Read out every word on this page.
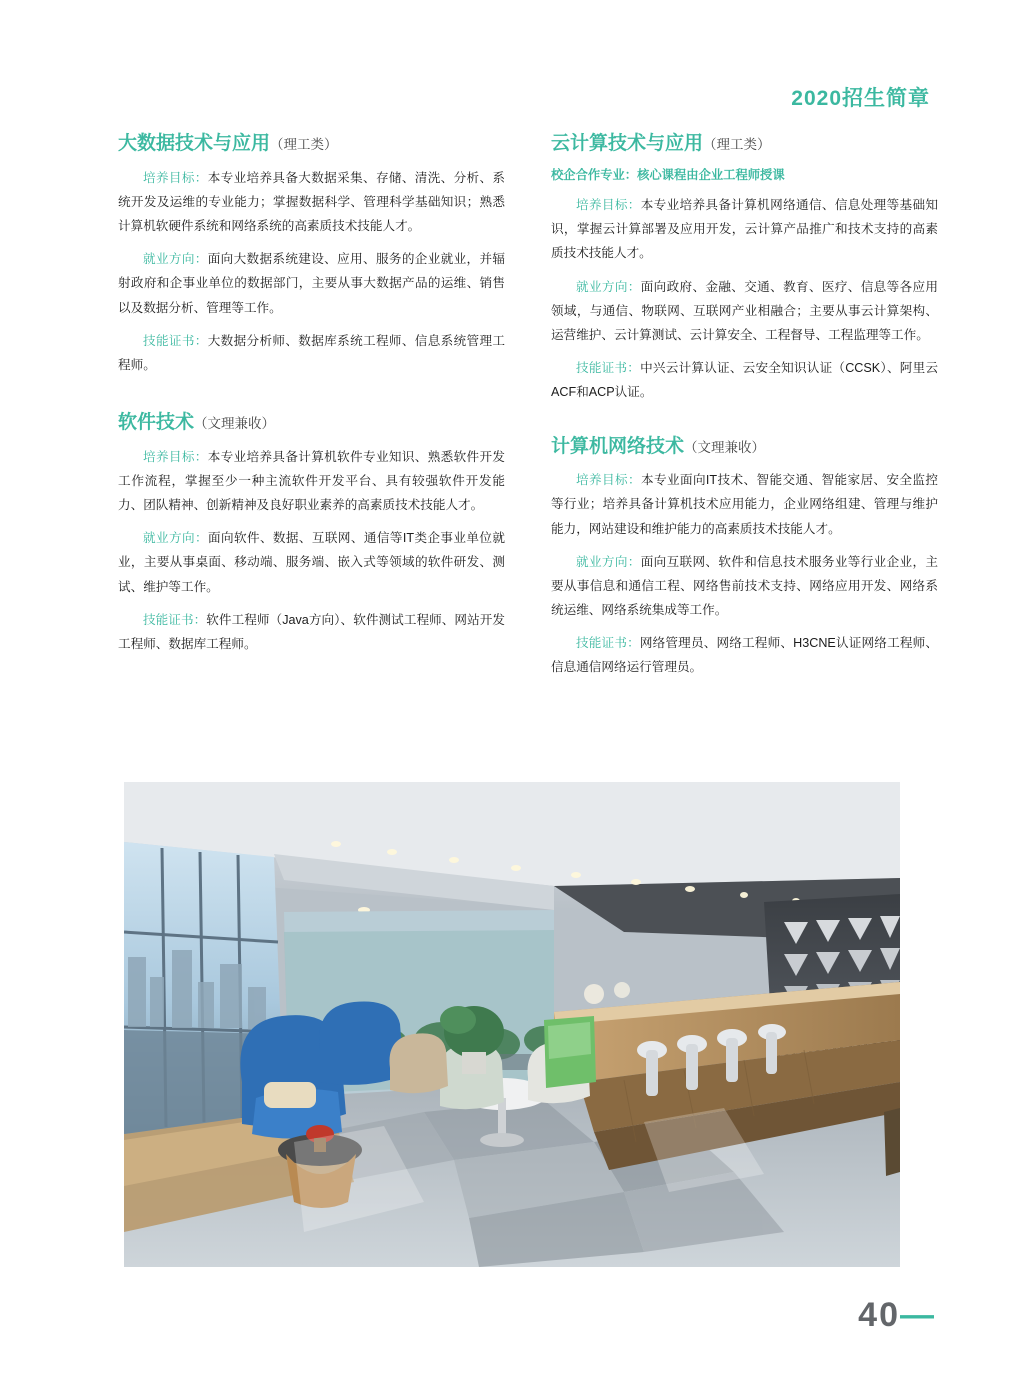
2020招生简章
大数据技术与应用（理工类）

培养目标：本专业培养具备大数据采集、存储、清洗、分析、系统开发及运维的专业能力；掌握数据科学、管理科学基础知识；熟悉计算机软硬件系统和网络系统的高素质技术技能人才。

就业方向：面向大数据系统建设、应用、服务的企业就业，并辐射政府和企事业单位的数据部门，主要从事大数据产品的运维、销售以及数据分析、管理等工作。

技能证书：大数据分析师、数据库系统工程师、信息系统管理工程师。

软件技术（文理兼收）

培养目标：本专业培养具备计算机软件专业知识、熟悉软件开发工作流程，掌握至少一种主流软件开发平台、具有较强软件开发能力、团队精神、创新精神及良好职业素养的高素质技术技能人才。

就业方向：面向软件、数据、互联网、通信等IT类企事业单位就业，主要从事桌面、移动端、服务端、嵌入式等领域的软件研发、测试、维护等工作。

技能证书：软件工程师（Java方向）、软件测试工程师、网站开发工程师、数据库工程师。

云计算技术与应用（理工类）
校企合作专业：核心课程由企业工程师授课

培养目标：本专业培养具备计算机网络通信、信息处理等基础知识，掌握云计算部署及应用开发，云计算产品推广和技术支持的高素质技术技能人才。

就业方向：面向政府、金融、交通、教育、医疗、信息等各应用领域，与通信、物联网、互联网产业相融合；主要从事云计算架构、运营维护、云计算测试、云计算安全、工程督导、工程监理等工作。

技能证书：中兴云计算认证、云安全知识认证（CCSK）、阿里云ACF和ACP认证。

计算机网络技术（文理兼收）

培养目标：本专业面向IT技术、智能交通、智能家居、安全监控等行业；培养具备计算机技术应用能力，企业网络组建、管理与维护能力，网站建设和维护能力的高素质技术技能人才。

就业方向：面向互联网、软件和信息技术服务业等行业企业，主要从事信息和通信工程、网络售前技术支持、网络应用开发、网络系统运维、网络系统集成等工作。

技能证书：网络管理员、网络工程师、H3CNE认证网络工程师、信息通信网络运行管理员。

40—
